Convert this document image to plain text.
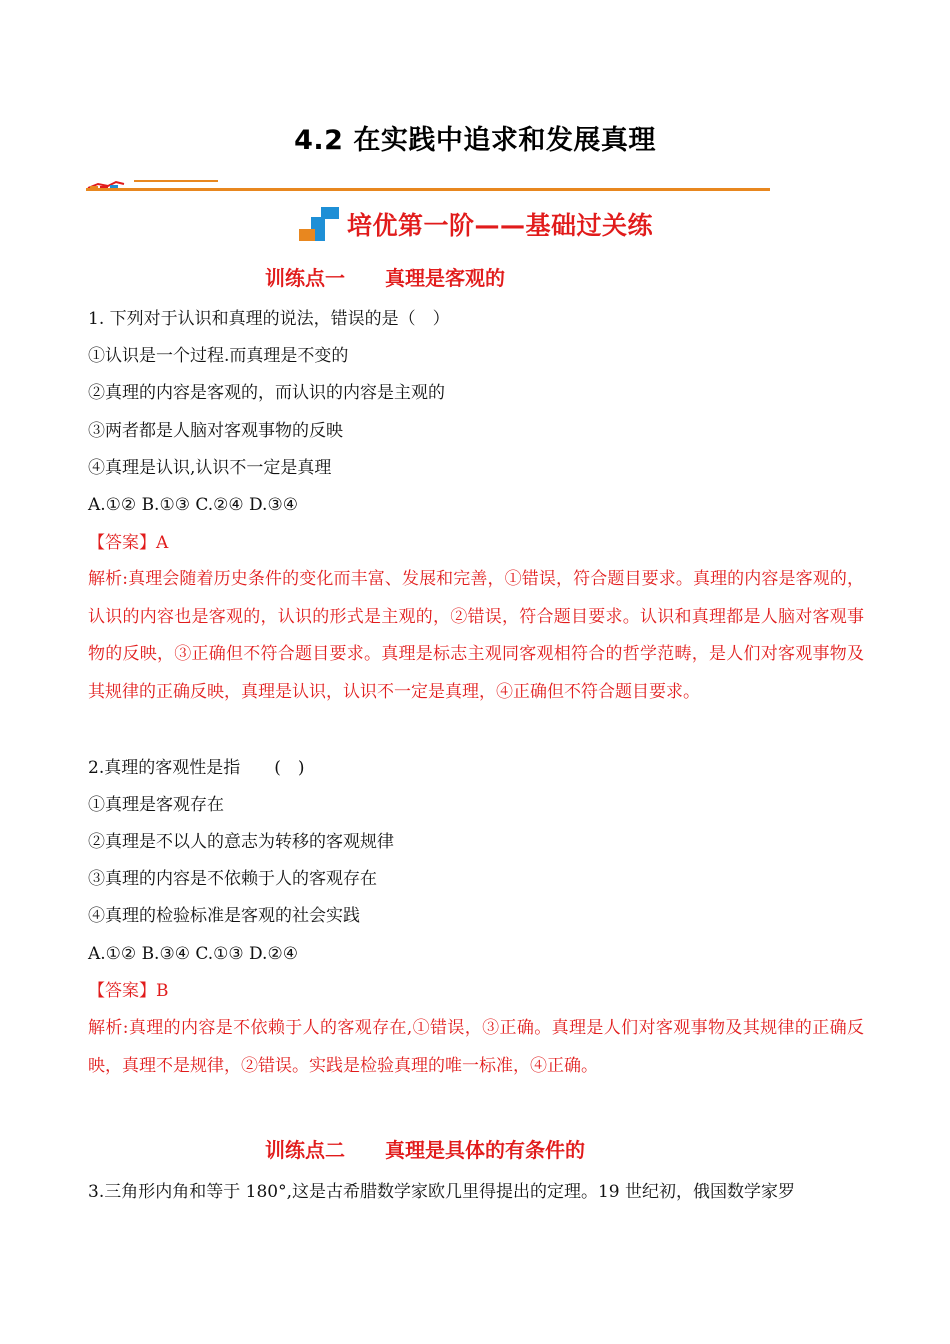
4.2 在实践中追求和发展真理
培优第一阶——基础过关练
训练点一 真理是客观的
1. 下列对于认识和真理的说法，错误的是（　）
①认识是一个过程.而真理是不变的
②真理的内容是客观的，而认识的内容是主观的
③两者都是人脑对客观事物的反映
④真理是认识,认识不一定是真理
A.①② B.①③ C.②④ D.③④
【答案】A
解析:真理会随着历史条件的变化而丰富、发展和完善，①错误，符合题目要求。真理的内容是客观的，认识的内容也是客观的，认识的形式是主观的，②错误，符合题目要求。认识和真理都是人脑对客观事物的反映，③正确但不符合题目要求。真理是标志主观同客观相符合的哲学范畴，是人们对客观事物及其规律的正确反映，真理是认识，认识不一定是真理，④正确但不符合题目要求。
2.真理的客观性是指　　(　)
①真理是客观存在
②真理是不以人的意志为转移的客观规律
③真理的内容是不依赖于人的客观存在
④真理的检验标准是客观的社会实践
A.①② B.③④ C.①③ D.②④
【答案】B
解析:真理的内容是不依赖于人的客观存在,①错误，③正确。真理是人们对客观事物及其规律的正确反映，真理不是规律，②错误。实践是检验真理的唯一标准，④正确。
训练点二 真理是具体的有条件的
3.三角形内角和等于 180°,这是古希腊数学家欧几里得提出的定理。19 世纪初，俄国数学家罗
